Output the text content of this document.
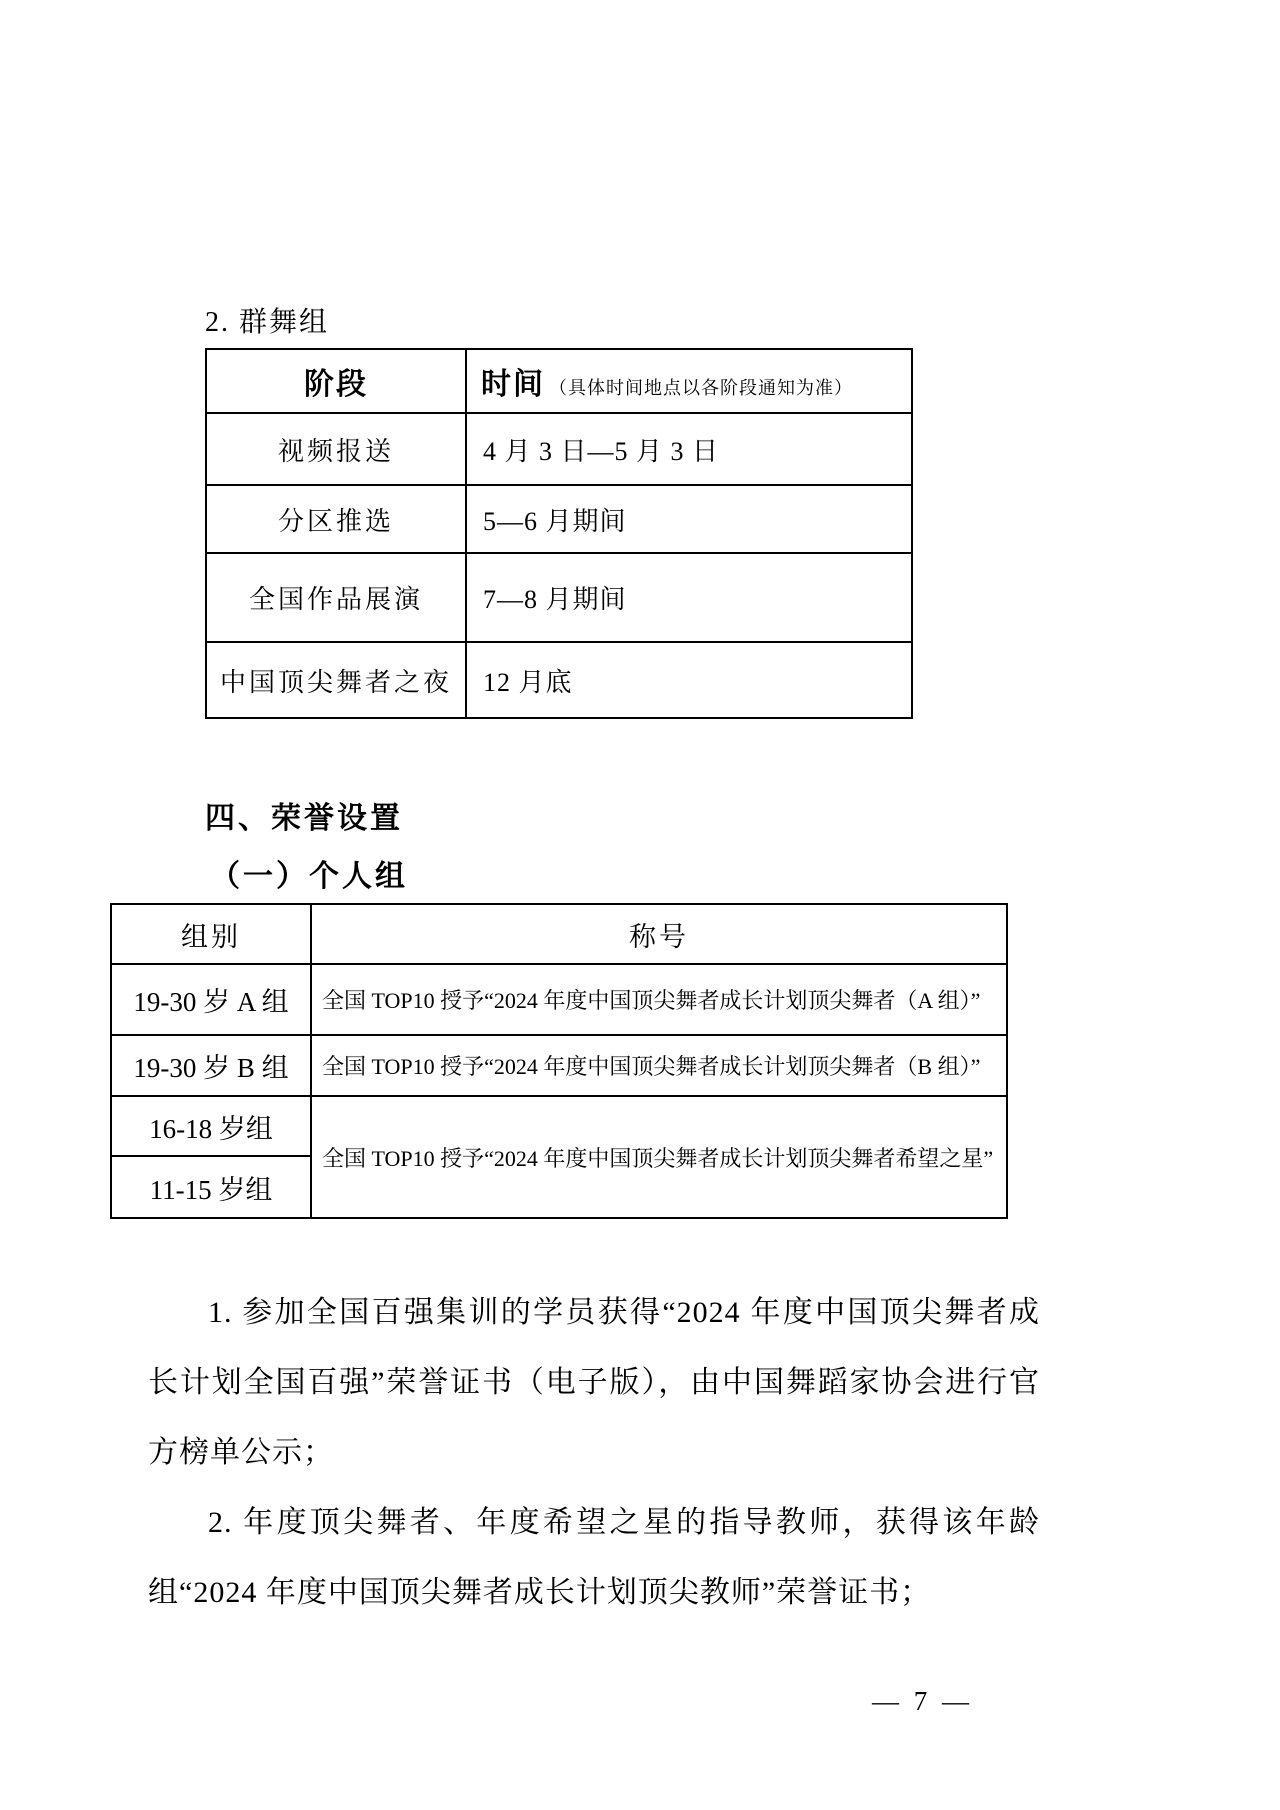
2. 群舞组
阶段	时间 （具体时间地点以各阶段通知为准）
视频报送	4 月 3 日—5 月 3 日
分区推选	5—6 月期间
全国作品展演	7—8 月期间
中国顶尖舞者之夜	12 月底
四、荣誉设置
（一）个人组
组别	称号
19-30 岁 A 组	全国 TOP10 授予“2024 年度中国顶尖舞者成长计划顶尖舞者（A 组）”
19-30 岁 B 组	全国 TOP10 授予“2024 年度中国顶尖舞者成长计划顶尖舞者（B 组）”
16-18 岁组	全国 TOP10 授予“2024 年度中国顶尖舞者成长计划顶尖舞者希望之星”
11-15 岁组	

1. 参加全国百强集训的学员获得“2024 年度中国顶尖舞者成长计划全国百强”荣誉证书（电子版），由中国舞蹈家协会进行官方榜单公示；

2. 年度顶尖舞者、年度希望之星的指导教师，获得该年龄组“2024 年度中国顶尖舞者成长计划顶尖教师”荣誉证书；

— 7 —
